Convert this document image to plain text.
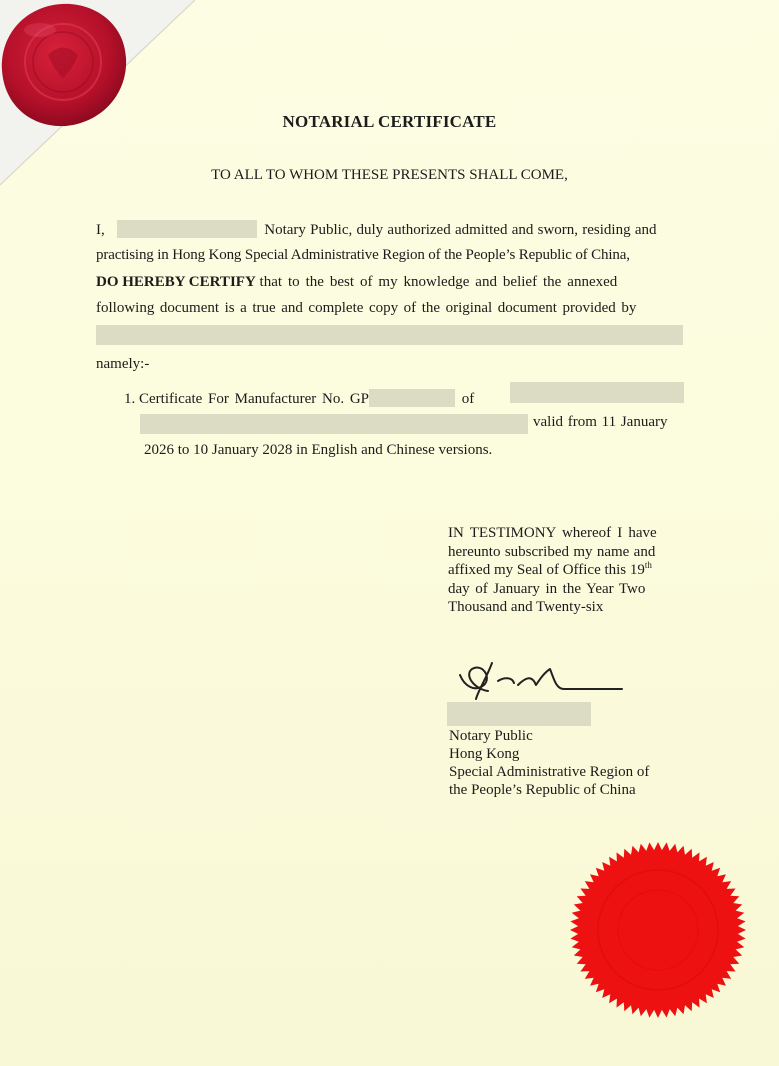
NOTARIAL CERTIFICATE
TO ALL TO WHOM THESE PRESENTS SHALL COME,
I,	Notary Public, duly authorized admitted and sworn, residing and
practising in Hong Kong Special Administrative Region of the People’s Republic of China,
DO HEREBY CERTIFY that to the best of my knowledge and belief the annexed
following document is a true and complete copy of the original document provided by
namely:-
1. Certificate For Manufacturer No. GP	of
valid from 11 January
2026 to 10 January 2028 in English and Chinese versions.
IN TESTIMONY whereof I have
hereunto subscribed my name and
affixed my Seal of Office this 19th
day of January in the Year Two
Thousand and Twenty-six
Notary Public
Hong Kong
Special Administrative Region of
the People’s Republic of China
